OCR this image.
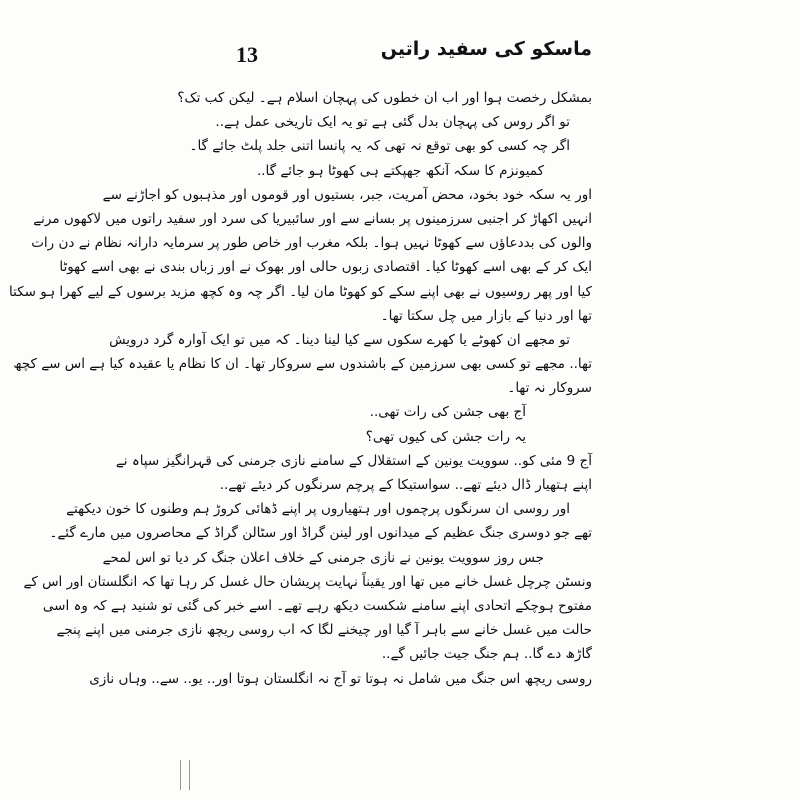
13	ماسکو کی سفید راتیں
بمشکل رخصت ہوا اور اب ان خطوں کی پہچان اسلام ہے۔ لیکن کب تک؟
تو اگر روس کی پہچان بدل گئی ہے تو یہ ایک تاریخی عمل ہے..
اگر چہ کسی کو بھی توقع نہ تھی کہ یہ پانسا اتنی جلد پلٹ جائے گا۔
کمیونزم کا سکہ آنکھ جھپکتے ہی کھوٹا ہو جائے گا..
اور یہ سکہ خود بخود، محض آمریت، جبر، بستیوں اور قوموں اور مذہبوں کو اجاڑنے سے
انہیں اکھاڑ کر اجنبی سرزمینوں پر بسانے سے اور سائبیریا کی سرد اور سفید راتوں میں لاکھوں مرنے
والوں کی بددعاؤں سے کھوٹا نہیں ہوا۔ بلکہ مغرب اور خاص طور پر سرمایہ دارانہ نظام نے دن رات
ایک کر کے بھی اسے کھوٹا کیا۔ اقتصادی زبوں حالی اور بھوک نے اور زباں بندی نے بھی اسے کھوٹا
کیا اور پھر روسیوں نے بھی اپنے سکے کو کھوٹا مان لیا۔ اگر چہ وہ کچھ مزید برسوں کے لیے کھرا ہو سکتا
تھا اور دنیا کے بازار میں چل سکتا تھا۔
تو مجھے ان کھوٹے یا کھرے سکوں سے کیا لینا دینا۔ کہ میں تو ایک آوارہ گرد درویش
تھا.. مجھے تو کسی بھی سرزمین کے باشندوں سے سروکار تھا۔ ان کا نظام یا عقیدہ کیا ہے اس سے کچھ
سروکار نہ تھا۔
آج بھی جشن کی رات تھی..
یہ رات جشن کی کیوں تھی؟
آج 9 مئی کو.. سوویت یونین کے استقلال کے سامنے نازی جرمنی کی قہرانگیز سپاہ نے
اپنے ہتھیار ڈال دیئے تھے.. سواستیکا کے پرچم سرنگوں کر دیئے تھے..
اور روسی ان سرنگوں پرچموں اور ہتھیاروں پر اپنے ڈھائی کروڑ ہم وطنوں کا خون دیکھتے
تھے جو دوسری جنگ عظیم کے میدانوں اور لینن گراڈ اور سٹالن گراڈ کے محاصروں میں مارے گئے۔
جس روز سوویت یونین نے نازی جرمنی کے خلاف اعلان جنگ کر دیا تو اس لمحے
ونسٹن چرچل غسل خانے میں تھا اور یقیناً نہایت پریشان حال غسل کر رہا تھا کہ انگلستان اور اس کے
مفتوح ہوچکے اتحادی اپنے سامنے شکست دیکھ رہے تھے۔ اسے خبر کی گئی تو شنید ہے کہ وہ اسی
حالت میں غسل خانے سے باہر آ گیا اور چیخنے لگا کہ اب روسی ریچھ نازی جرمنی میں اپنے پنجے
گاڑھ دے گا.. ہم جنگ جیت جائیں گے..
روسی ریچھ اس جنگ میں شامل نہ ہوتا تو آج نہ انگلستان ہوتا اور.. یو.. سے.. وہاں نازی
